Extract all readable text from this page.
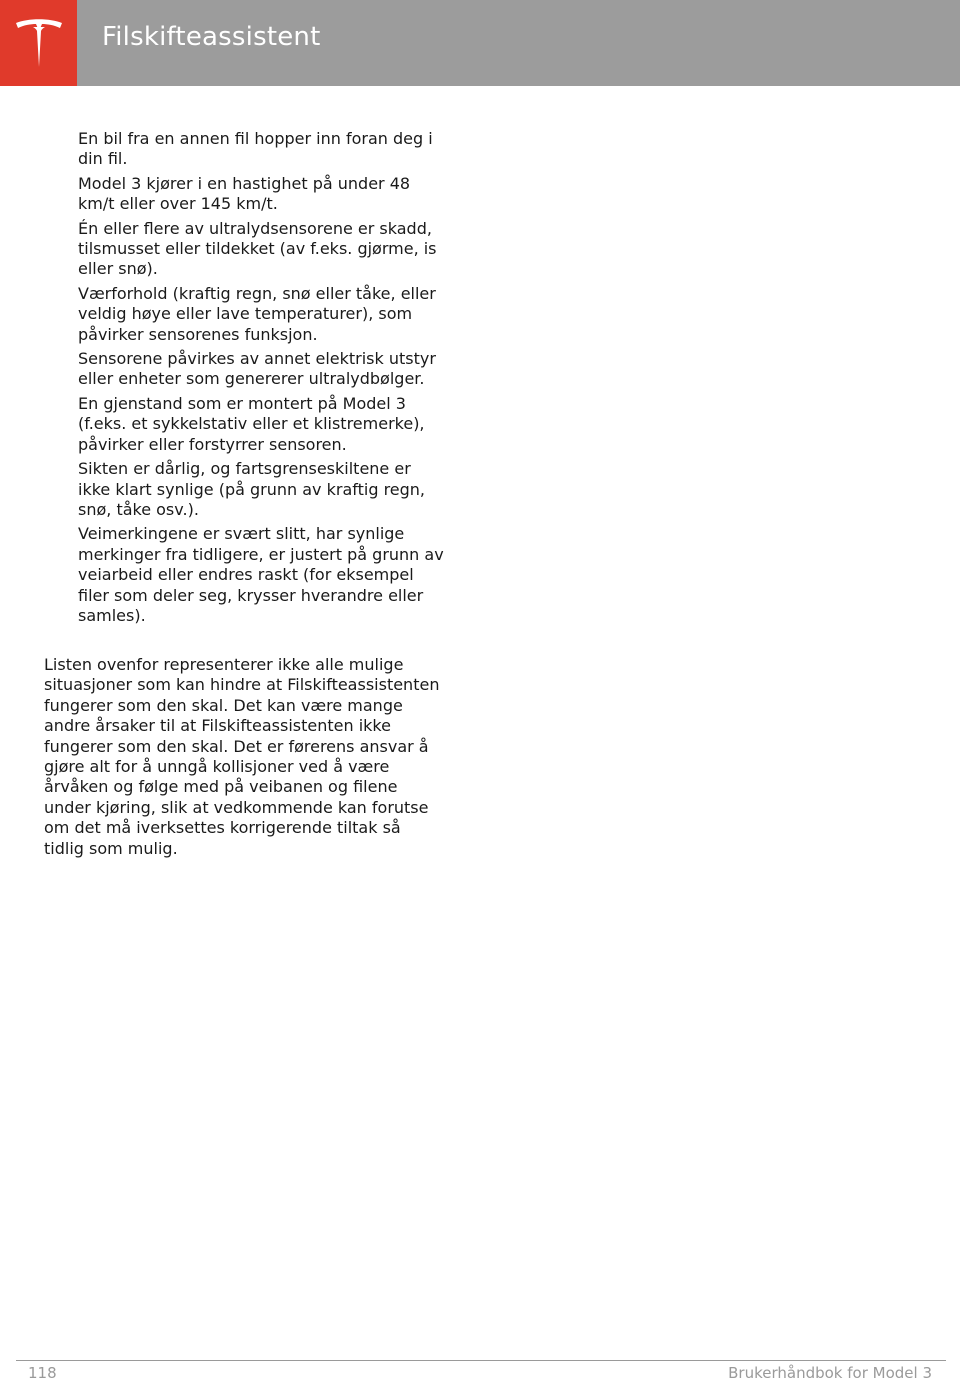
Filskifteassistent
En bil fra en annen fil hopper inn foran deg i din fil.
Model 3 kjører i en hastighet på under 48 km/t eller over 145 km/t.
Én eller flere av ultralydsensorene er skadd, tilsmusset eller tildekket (av f.eks. gjørme, is eller snø).
Værforhold (kraftig regn, snø eller tåke, eller veldig høye eller lave temperaturer), som påvirker sensorenes funksjon.
Sensorene påvirkes av annet elektrisk utstyr eller enheter som genererer ultralydbølger.
En gjenstand som er montert på Model 3 (f.eks. et sykkelstativ eller et klistremerke), påvirker eller forstyrrer sensoren.
Sikten er dårlig, og fartsgrenseskiltene er ikke klart synlige (på grunn av kraftig regn, snø, tåke osv.).
Veimerkingene er svært slitt, har synlige merkinger fra tidligere, er justert på grunn av veiarbeid eller endres raskt (for eksempel filer som deler seg, krysser hverandre eller samles).

Listen ovenfor representerer ikke alle mulige situasjoner som kan hindre at Filskifteassistenten fungerer som den skal. Det kan være mange andre årsaker til at Filskifteassistenten ikke fungerer som den skal. Det er førerens ansvar å gjøre alt for å unngå kollisjoner ved å være årvåken og følge med på veibanen og filene under kjøring, slik at vedkommende kan forutse om det må iverksettes korrigerende tiltak så tidlig som mulig.

118	Brukerhåndbok for Model 3
